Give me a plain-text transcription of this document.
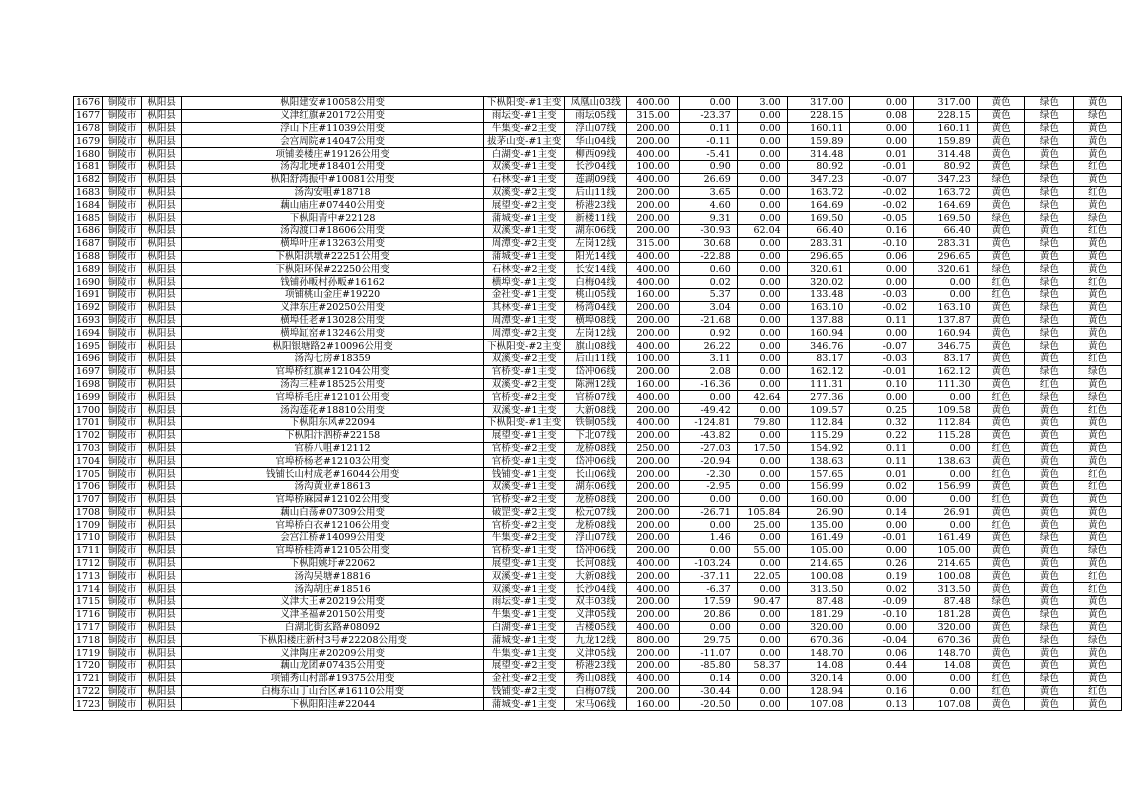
1676	铜陵市	枞阳县	枞阳建安#10058公用变	下枞阳变-#1主变	凤凰山03线	400.00	0.00	3.00	317.00	0.00	317.00	黄色	绿色	黄色
1677	铜陵市	枞阳县	义津红旗#20172公用变	雨坛变-#1主变	雨坛05线	315.00	-23.37	0.00	228.15	0.08	228.15	黄色	绿色	绿色
1678	铜陵市	枞阳县	浮山下庄#11039公用变	牛集变-#2主变	浮山07线	200.00	0.11	0.00	160.11	0.00	160.11	黄色	绿色	黄色
1679	铜陵市	枞阳县	会宫周院#14047公用变	拔茅山变-#1主变	华山04线	200.00	-0.11	0.00	159.89	0.00	159.89	黄色	绿色	黄色
1680	铜陵市	枞阳县	项铺姜楼庄#19126公用变	白湖变-#1主变	柳西09线	400.00	-5.41	0.00	314.48	0.01	314.48	黄色	黄色	黄色
1681	铜陵市	枞阳县	汤沟北埂#18401公用变	双溪变-#1主变	长沙04线	100.00	0.90	0.00	80.92	-0.01	80.92	黄色	绿色	红色
1682	铜陵市	枞阳县	枞阳舒湾振中#10081公用变	石林变-#1主变	莲湖09线	400.00	26.69	0.00	347.23	-0.07	347.23	绿色	绿色	黄色
1683	铜陵市	枞阳县	汤沟安咀#18718	双溪变-#2主变	后山11线	200.00	3.65	0.00	163.72	-0.02	163.72	黄色	绿色	红色
1684	铜陵市	枞阳县	藕山庙庄#07440公用变	展望变-#2主变	桥港23线	200.00	4.60	0.00	164.69	-0.02	164.69	黄色	绿色	黄色
1685	铜陵市	枞阳县	下枞阳青中#22128	蒲城变-#1主变	新楼11线	200.00	9.31	0.00	169.50	-0.05	169.50	绿色	绿色	绿色
1686	铜陵市	枞阳县	汤沟渡口#18606公用变	双溪变-#1主变	湖东06线	200.00	-30.93	62.04	66.40	0.16	66.40	黄色	黄色	红色
1687	铜陵市	枞阳县	横埠叶庄#13263公用变	周潭变-#2主变	左岗12线	315.00	30.68	0.00	283.31	-0.10	283.31	黄色	绿色	黄色
1688	铜陵市	枞阳县	下枞阳洪墩#22251公用变	蒲城变-#1主变	阳光14线	400.00	-22.88	0.00	296.65	0.06	296.65	黄色	黄色	黄色
1689	铜陵市	枞阳县	下枞阳环保#22250公用变	石林变-#2主变	长安14线	400.00	0.60	0.00	320.61	0.00	320.61	绿色	绿色	黄色
1690	铜陵市	枞阳县	钱铺孙畈村孙畈#16162	横埠变-#1主变	白梅04线	400.00	0.02	0.00	320.02	0.00	0.00	红色	绿色	红色
1691	铜陵市	枞阳县	项铺桃山金庄#19220	金社变-#1主变	桃山05线	160.00	5.37	0.00	133.48	-0.03	0.00	红色	绿色	黄色
1692	铜陵市	枞阳县	义津东庄#20250公用变	其林变-#1主变	杨湾04线	200.00	3.04	0.00	163.10	-0.02	163.10	黄色	绿色	黄色
1693	铜陵市	枞阳县	横埠任老#13028公用变	周潭变-#1主变	横埠08线	200.00	-21.68	0.00	137.88	0.11	137.87	黄色	绿色	黄色
1694	铜陵市	枞阳县	横埠缸窑#13246公用变	周潭变-#2主变	左岗12线	200.00	0.92	0.00	160.94	0.00	160.94	黄色	绿色	黄色
1695	铜陵市	枞阳县	枞阳银塘路2#10096公用变	下枞阳变-#2主变	旗山08线	400.00	26.22	0.00	346.76	-0.07	346.75	黄色	绿色	黄色
1696	铜陵市	枞阳县	汤沟七房#18359	双溪变-#2主变	后山11线	100.00	3.11	0.00	83.17	-0.03	83.17	黄色	黄色	红色
1697	铜陵市	枞阳县	官埠桥红旗#12104公用变	官桥变-#1主变	岱冲06线	200.00	2.08	0.00	162.12	-0.01	162.12	黄色	绿色	绿色
1698	铜陵市	枞阳县	汤沟三桂#18525公用变	双溪变-#2主变	陈洲12线	160.00	-16.36	0.00	111.31	0.10	111.30	黄色	红色	黄色
1699	铜陵市	枞阳县	官埠桥毛庄#12101公用变	官桥变-#2主变	官桥07线	400.00	0.00	42.64	277.36	0.00	0.00	红色	绿色	绿色
1700	铜陵市	枞阳县	汤沟莲花#18810公用变	双溪变-#1主变	大新08线	200.00	-49.42	0.00	109.57	0.25	109.58	黄色	黄色	红色
1701	铜陵市	枞阳县	下枞阳东风#22094	下枞阳变-#1主变	铁铜05线	400.00	-124.81	79.80	112.84	0.32	112.84	黄色	黄色	黄色
1702	铜陵市	枞阳县	下枞阳汴泗桥#22158	展望变-#1主变	下北07线	200.00	-43.82	0.00	115.29	0.22	115.28	黄色	黄色	黄色
1703	铜陵市	枞阳县	官桥八咀#12112	官桥变-#2主变	龙桥08线	250.00	-27.03	17.50	154.92	0.11	0.00	红色	黄色	黄色
1704	铜陵市	枞阳县	官埠桥杨老#12103公用变	官桥变-#1主变	岱冲06线	200.00	-20.94	0.00	138.63	0.11	138.63	黄色	黄色	黄色
1705	铜陵市	枞阳县	钱铺长山村成老#16044公用变	钱铺变-#1主变	长山06线	200.00	-2.30	0.00	157.65	0.01	0.00	红色	黄色	红色
1706	铜陵市	枞阳县	汤沟黄业#18613	双溪变-#1主变	湖东06线	200.00	-2.95	0.00	156.99	0.02	156.99	黄色	黄色	红色
1707	铜陵市	枞阳县	官埠桥麻园#12102公用变	官桥变-#2主变	龙桥08线	200.00	0.00	0.00	160.00	0.00	0.00	红色	黄色	黄色
1708	铜陵市	枞阳县	藕山白荡#07309公用变	破罡变-#2主变	松元07线	200.00	-26.71	105.84	26.90	0.14	26.91	黄色	黄色	黄色
1709	铜陵市	枞阳县	官埠桥白衣#12106公用变	官桥变-#2主变	龙桥08线	200.00	0.00	25.00	135.00	0.00	0.00	红色	黄色	黄色
1710	铜陵市	枞阳县	会宫江桥#14099公用变	牛集变-#2主变	浮山07线	200.00	1.46	0.00	161.49	-0.01	161.49	黄色	绿色	黄色
1711	铜陵市	枞阳县	官埠桥桂湾#12105公用变	官桥变-#1主变	岱冲06线	200.00	0.00	55.00	105.00	0.00	105.00	黄色	黄色	绿色
1712	铜陵市	枞阳县	下枞阳姚圩#22062	展望变-#1主变	长河08线	400.00	-103.24	0.00	214.65	0.26	214.65	黄色	黄色	黄色
1713	铜陵市	枞阳县	汤沟吴塘#18816	双溪变-#1主变	大新08线	200.00	-37.11	22.05	100.08	0.19	100.08	黄色	黄色	红色
1714	铜陵市	枞阳县	汤沟胡庄#18516	双溪变-#1主变	长沙04线	400.00	-6.37	0.00	313.50	0.02	313.50	黄色	黄色	红色
1715	铜陵市	枞阳县	义津大王#20219公用变	雨坛变-#1主变	双丰03线	200.00	17.59	90.47	87.48	-0.09	87.48	绿色	黄色	黄色
1716	铜陵市	枞阳县	义津圣福#20150公用变	牛集变-#1主变	义津05线	200.00	20.86	0.00	181.29	-0.10	181.28	黄色	绿色	黄色
1717	铜陵市	枞阳县	白湖北街玄路#08092	白湖变-#1主变	古楼05线	400.00	0.00	0.00	320.00	0.00	320.00	黄色	绿色	黄色
1718	铜陵市	枞阳县	下枞阳楼庄新村3号#22208公用变	蒲城变-#1主变	九龙12线	800.00	29.75	0.00	670.36	-0.04	670.36	黄色	绿色	绿色
1719	铜陵市	枞阳县	义津陶庄#20209公用变	牛集变-#1主变	义津05线	200.00	-11.07	0.00	148.70	0.06	148.70	黄色	黄色	黄色
1720	铜陵市	枞阳县	藕山龙团#07435公用变	展望变-#2主变	桥港23线	200.00	-85.80	58.37	14.08	0.44	14.08	黄色	黄色	黄色
1721	铜陵市	枞阳县	项铺秀山村部#19375公用变	金社变-#2主变	秀山08线	400.00	0.14	0.00	320.14	0.00	0.00	红色	绿色	黄色
1722	铜陵市	枞阳县	白梅东山丁山台区#16110公用变	钱铺变-#2主变	白梅07线	200.00	-30.44	0.00	128.94	0.16	0.00	红色	黄色	红色
1723	铜陵市	枞阳县	下枞阳阳洼#22044	蒲城变-#1主变	宋马06线	160.00	-20.50	0.00	107.08	0.13	107.08	黄色	黄色	黄色
